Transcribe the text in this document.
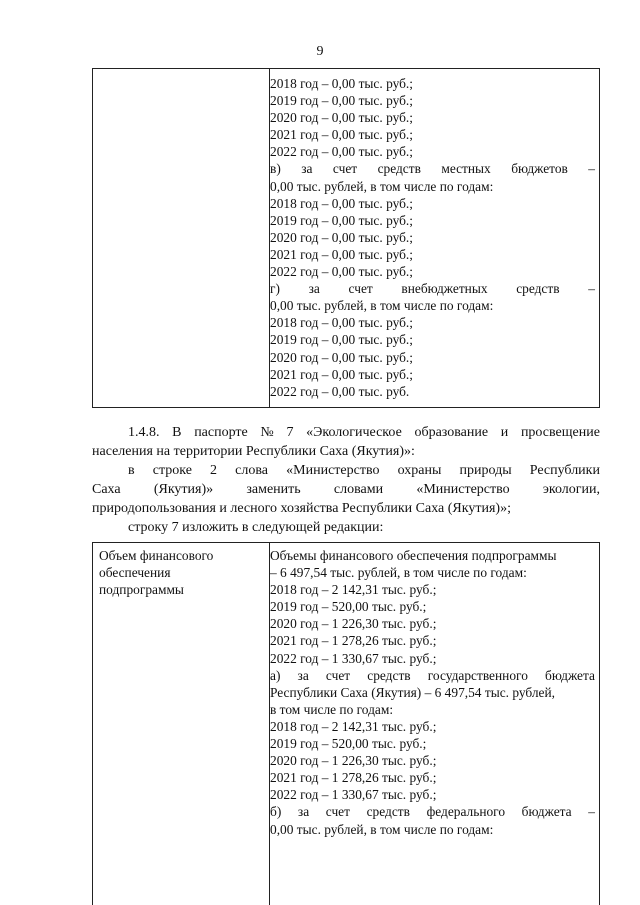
9
2018 год – 0,00 тыс. руб.;
2019 год – 0,00 тыс. руб.;
2020 год – 0,00 тыс. руб.;
2021 год – 0,00 тыс. руб.;
2022 год – 0,00 тыс. руб.;
в) за счет средств местных бюджетов –
0,00 тыс. рублей, в том числе по годам:
2018 год – 0,00 тыс. руб.;
2019 год – 0,00 тыс. руб.;
2020 год – 0,00 тыс. руб.;
2021 год – 0,00 тыс. руб.;
2022 год – 0,00 тыс. руб.;
г) за счет внебюджетных средств –
0,00 тыс. рублей, в том числе по годам:
2018 год – 0,00 тыс. руб.;
2019 год – 0,00 тыс. руб.;
2020 год – 0,00 тыс. руб.;
2021 год – 0,00 тыс. руб.;
2022 год – 0,00 тыс. руб.
1.4.8. В паспорте № 7 «Экологическое образование и просвещение
населения на территории Республики Саха (Якутия)»:
в строке 2 слова «Министерство охраны природы Республики
Саха (Якутия)» заменить словами «Министерство экологии,
природопользования и лесного хозяйства Республики Саха (Якутия)»;
строку 7 изложить в следующей редакции:
Объем финансового
обеспечения
подпрограммы
Объемы финансового обеспечения подпрограммы
– 6 497,54 тыс. рублей, в том числе по годам:
2018 год – 2 142,31 тыс. руб.;
2019 год – 520,00 тыс. руб.;
2020 год – 1 226,30 тыс. руб.;
2021 год – 1 278,26 тыс. руб.;
2022 год – 1 330,67 тыс. руб.;
а) за счет средств государственного бюджета
Республики Саха (Якутия) – 6 497,54 тыс. рублей,
в том числе по годам:
2018 год – 2 142,31 тыс. руб.;
2019 год – 520,00 тыс. руб.;
2020 год – 1 226,30 тыс. руб.;
2021 год – 1 278,26 тыс. руб.;
2022 год – 1 330,67 тыс. руб.;
б) за счет средств федерального бюджета –
0,00 тыс. рублей, в том числе по годам:
